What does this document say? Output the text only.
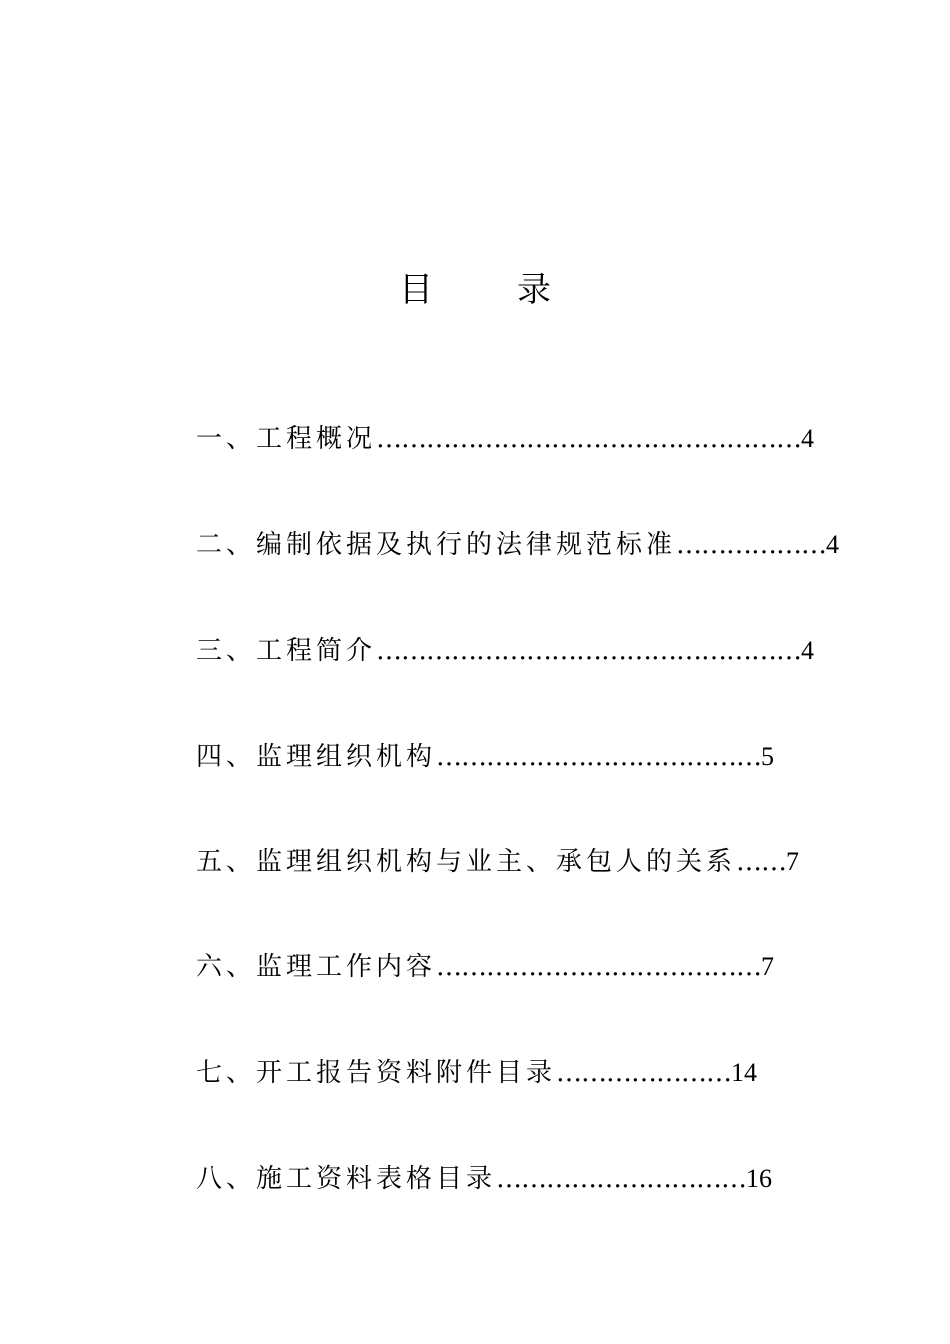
目录
一、工程概况……………………………………………4
二、编制依据及执行的法律规范标准………………4
三、工程简介……………………………………………4
四、监理组织机构…………………………………5
五、监理组织机构与业主、承包人的关系……7
六、监理工作内容…………………………………7
七、开工报告资料附件目录…………………14
八、施工资料表格目录…………………………16
